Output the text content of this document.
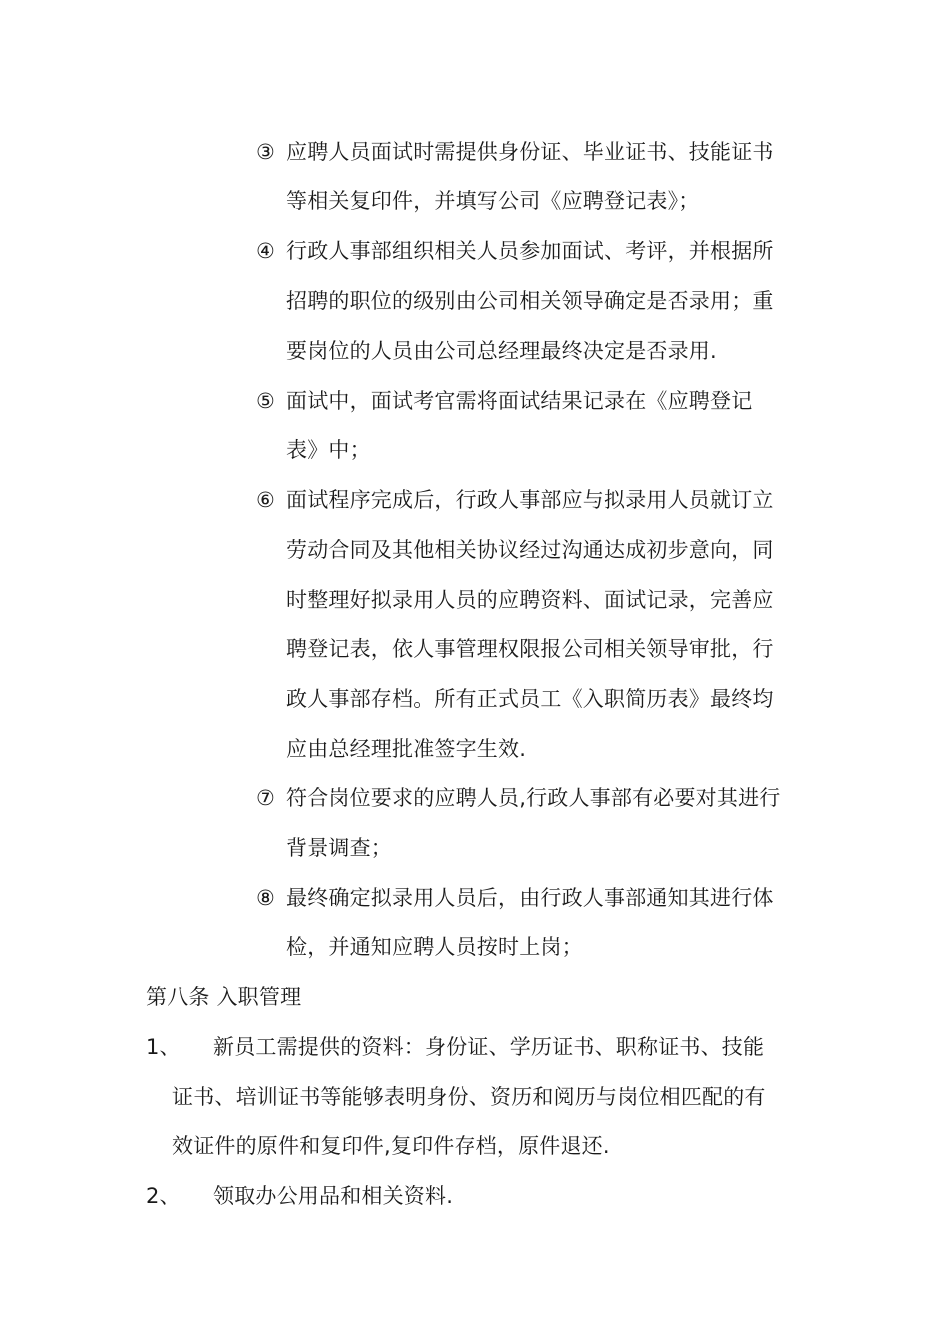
③ 应聘人员面试时需提供身份证、毕业证书、技能证书
等相关复印件，并填写公司《应聘登记表》；
④ 行政人事部组织相关人员参加面试、考评，并根据所
招聘的职位的级别由公司相关领导确定是否录用；重
要岗位的人员由公司总经理最终决定是否录用.
⑤ 面试中，面试考官需将面试结果记录在《应聘登记
表》中；
⑥ 面试程序完成后，行政人事部应与拟录用人员就订立
劳动合同及其他相关协议经过沟通达成初步意向，同
时整理好拟录用人员的应聘资料、面试记录，完善应
聘登记表，依人事管理权限报公司相关领导审批，行
政人事部存档。所有正式员工《入职简历表》最终均
应由总经理批准签字生效.
⑦ 符合岗位要求的应聘人员,行政人事部有必要对其进行
背景调查；
⑧ 最终确定拟录用人员后，由行政人事部通知其进行体
检，并通知应聘人员按时上岗；
第八条 入职管理
1、 新员工需提供的资料：身份证、学历证书、职称证书、技能
证书、培训证书等能够表明身份、资历和阅历与岗位相匹配的有
效证件的原件和复印件,复印件存档，原件退还.
2、 领取办公用品和相关资料.
